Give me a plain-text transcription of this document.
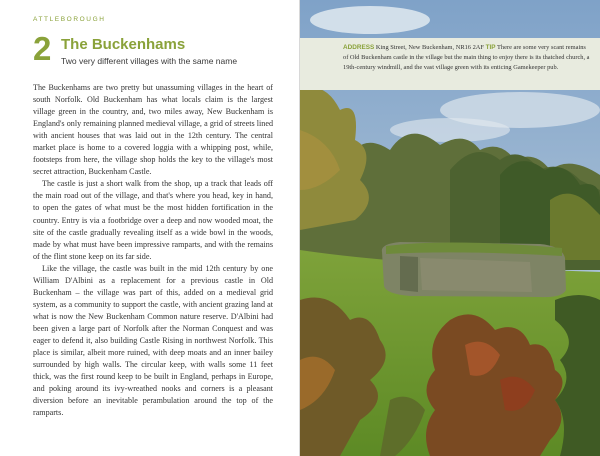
ATTLEBOROUGH
2 The Buckenhams
Two very different villages with the same name

The Buckenhams are two pretty but unassuming villages in the heart of south Norfolk. Old Buckenham has what locals claim is the largest village green in the country, and, two miles away, New Buckenham is England's only remaining planned medieval village, a grid of streets lined with ancient houses that was laid out in the 12th century. The central market place is home to a covered loggia with a whipping post, while, footsteps from here, the village shop holds the key to the village's most secret attraction, Buckenham Castle.

The castle is just a short walk from the shop, up a track that leads off the main road out of the village, and that's where you head, key in hand, to open the gates of what must be the most hidden fortification in the country. Entry is via a footbridge over a deep and now wooded moat, the site of the castle gradually revealing itself as a wide bowl in the woods, made by what must have been impressive ramparts, and with the remains of the flint stone keep on its far side.

Like the village, the castle was built in the mid 12th century by one William D'Albini as a replacement for a previous castle in Old Buckenham – the village was part of this, added on a medieval grid system, as a community to support the castle, with ancient grazing land at what is now the New Buckenham Common nature reserve. D'Albini had been given a large part of Norfolk after the Norman Conquest and was eager to defend it, also building Castle Rising in northwest Norfolk. This place is similar, albeit more ruined, with deep moats and an inner bailey surrounded by high walls. The circular keep, with walls some 11 feet thick, was the first round keep to be built in England, perhaps in Europe, and poking around its ivy-wreathed nooks and corners is a pleasant diversion before an inevitable perambulation around the top of the ramparts.

ADDRESS King Street, New Buckenham, NR16 2AF TIP There are some very scant remains of Old Buckenham castle in the village but the main thing to enjoy there is its thatched church, a 19th-century windmill, and the vast village green with its enticing Gamekeeper pub.
